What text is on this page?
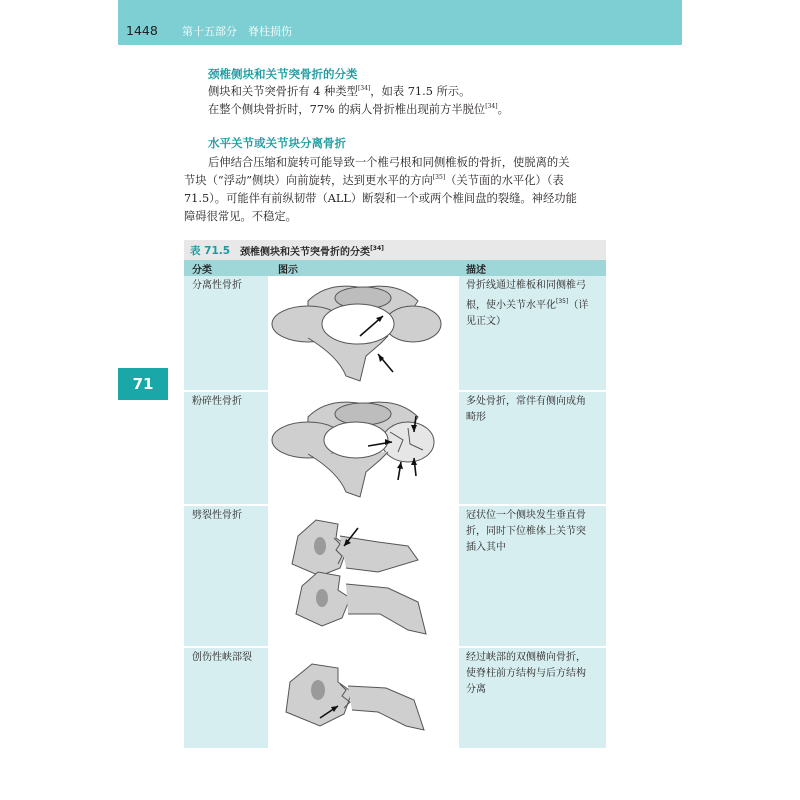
1448 第十五部分　脊柱损伤
71
颈椎侧块和关节突骨折的分类
侧块和关节突骨折有 4 种类型[34]，如表 71.5 所示。
在整个侧块骨折时，77% 的病人骨折椎出现前方半脱位[34]。
水平关节或关节块分离骨折
后伸结合压缩和旋转可能导致一个椎弓根和同侧椎板的骨折，使脱离的关
节块（“浮动”侧块）向前旋转，达到更水平的方向[35]（关节面的水平化）（表
71.5）。可能伴有前纵韧带（ALL）断裂和一个或两个椎间盘的裂缝。神经功能
障碍很常见。不稳定。
表 71.5 颈椎侧块和关节突骨折的分类[34]
分类	图示	描述
分离性骨折	骨折线通过椎板和同侧椎弓
根，使小关节水平化[35]（详
见正文）
粉碎性骨折	多处骨折，常伴有侧向成角
畸形
劈裂性骨折	冠状位一个侧块发生垂直骨
折，同时下位椎体上关节突
插入其中
创伤性峡部裂	经过峡部的双侧横向骨折，
使脊柱前方结构与后方结构
分离
